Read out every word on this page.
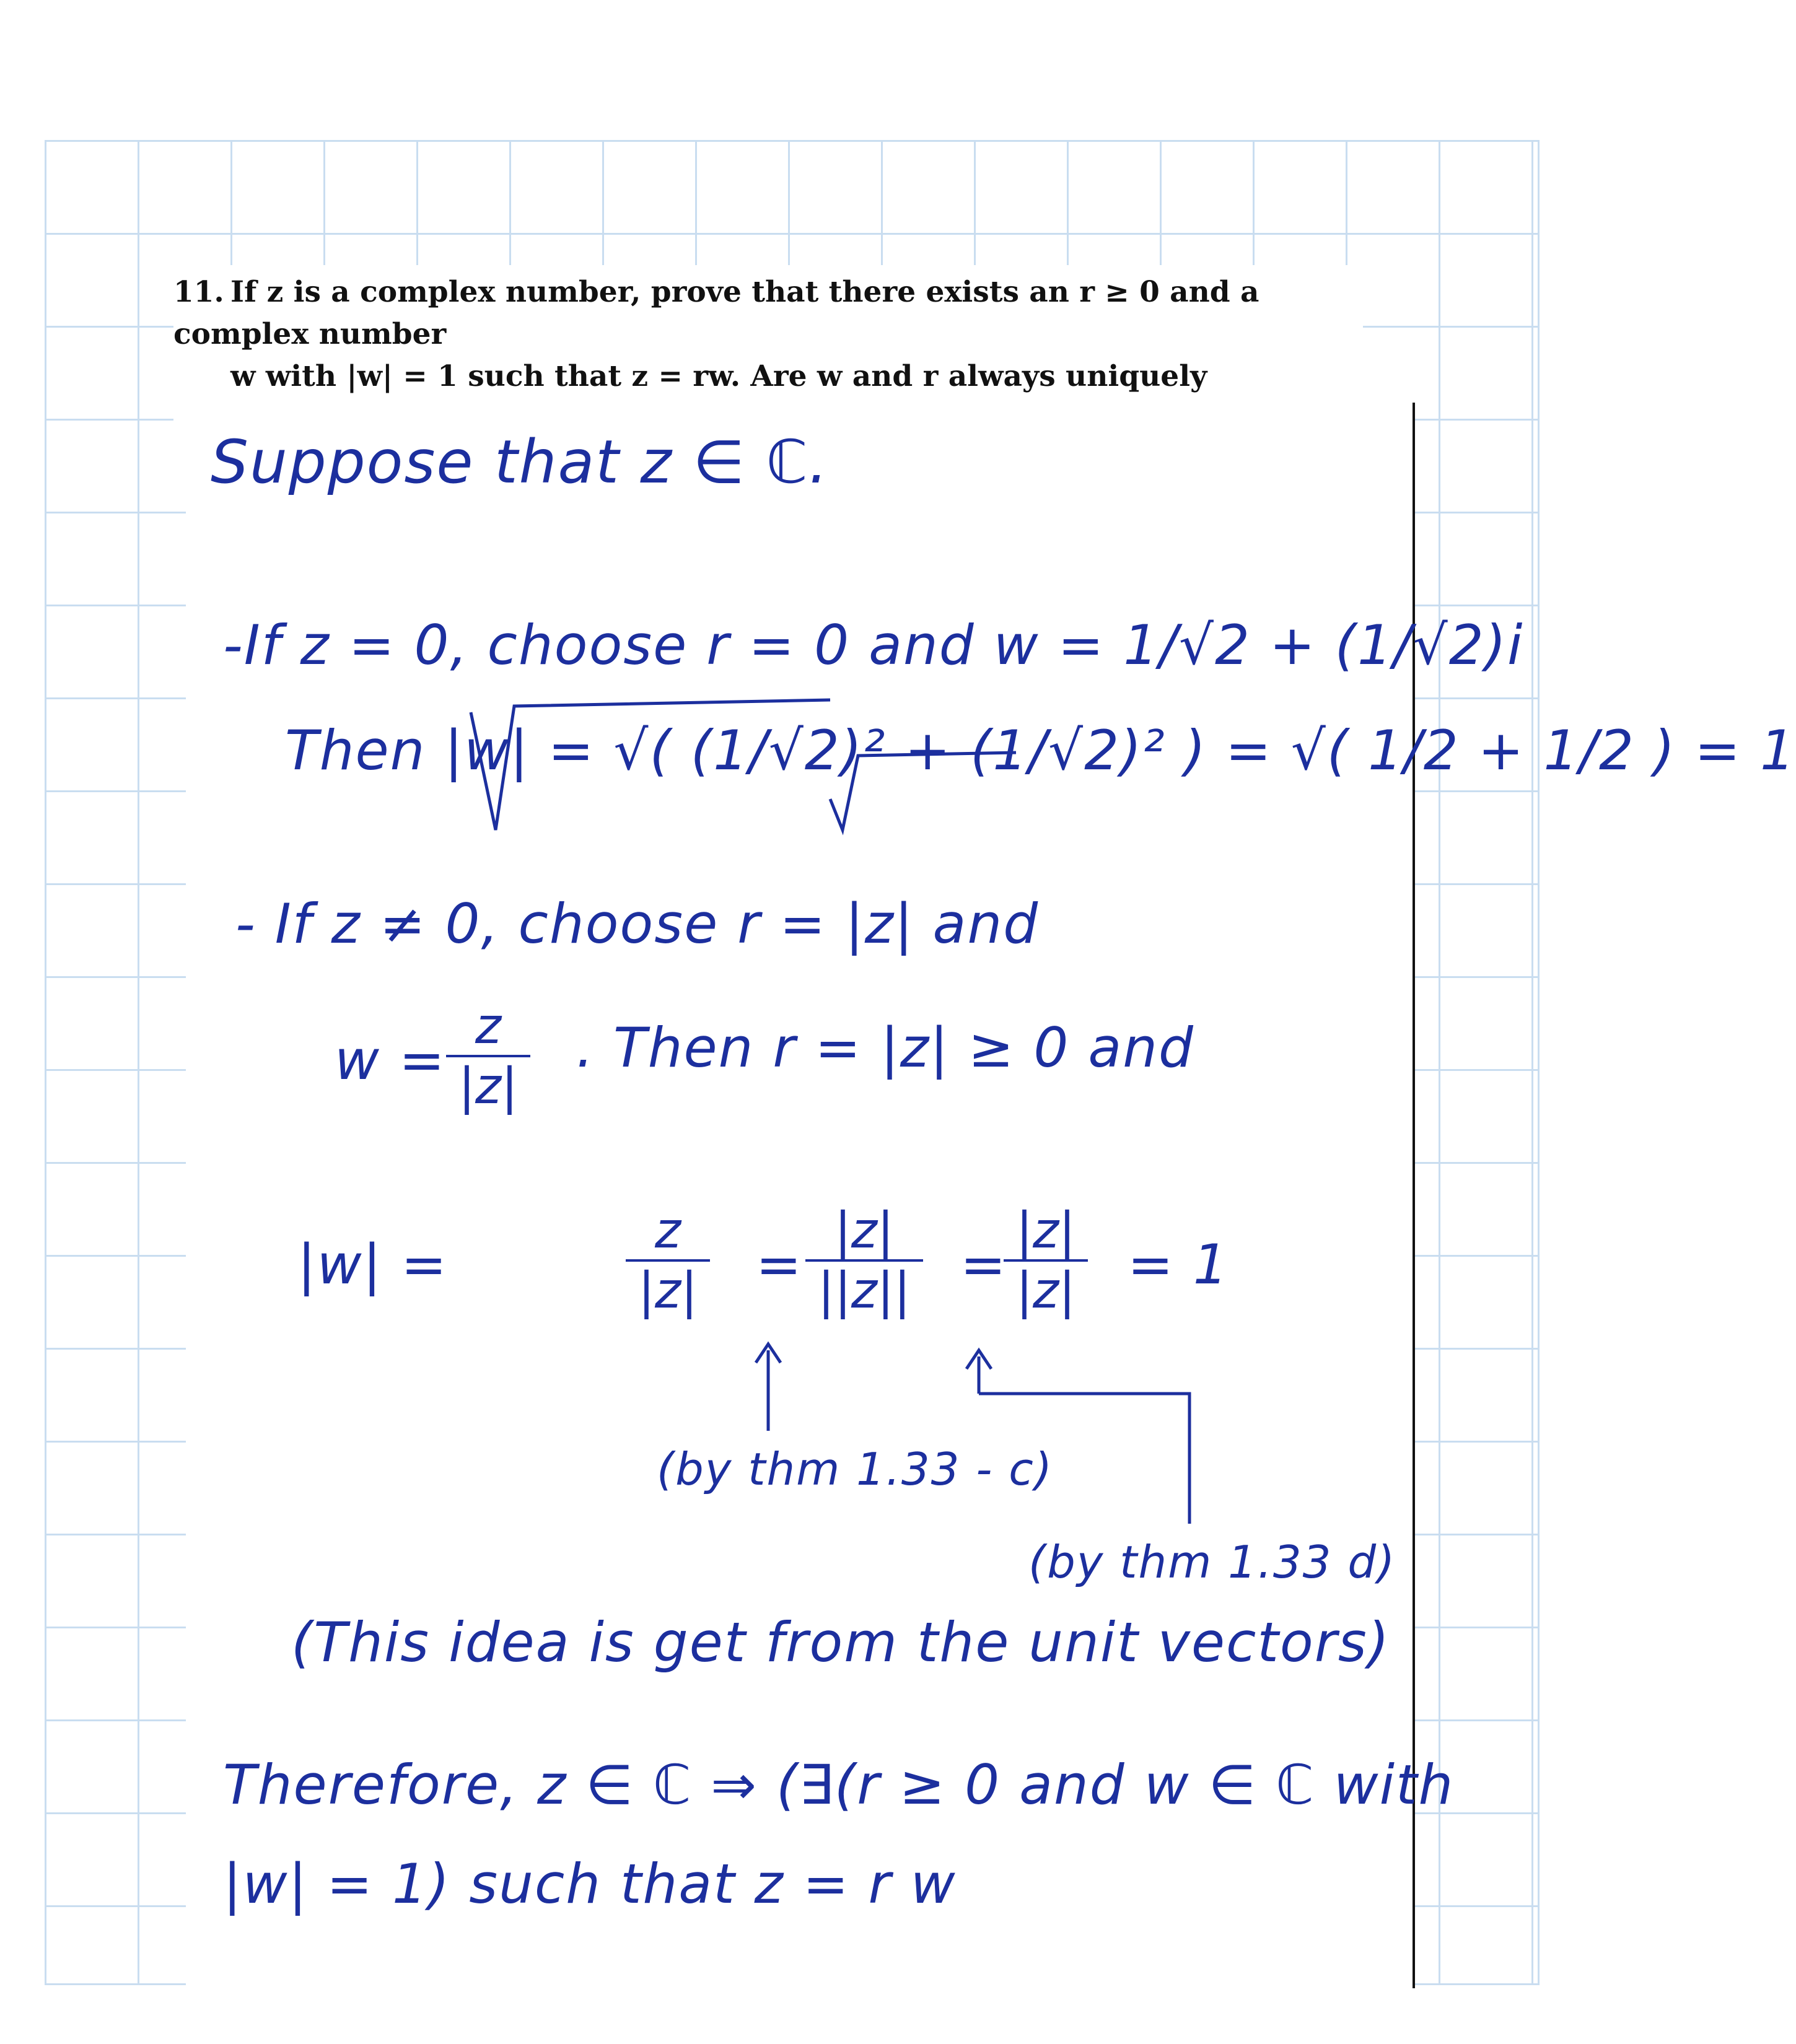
11. If z is a complex number, prove that there exists an r ≥ 0 and a complex number
w with |w| = 1 such that z = rw. Are w and r always uniquely
Suppose that z ∈ ℂ.
-If z = 0, choose r = 0 and w = 1/√2 + (1/√2)i
Then |w| = √( (1/√2)² + (1/√2)² ) = √( 1/2 + 1/2 ) = 1
- If z ≠ 0, choose r = |z| and
$w = \frac{z}{|z|}$ . Then r = |z| ≥ 0 and
|w| =	$\frac{z}{|z|} = \frac{|z|}{||z||}$ =
$\frac{|z|}{|z|} = 1$
(by thm 1.33 - c)
(by thm 1.33 d)
(This idea is get from the unit vectors)
Therefore, z ∈ ℂ ⇒ (∃(r ≥ 0 and w ∈ ℂ with
|w| = 1) such that z = r w
